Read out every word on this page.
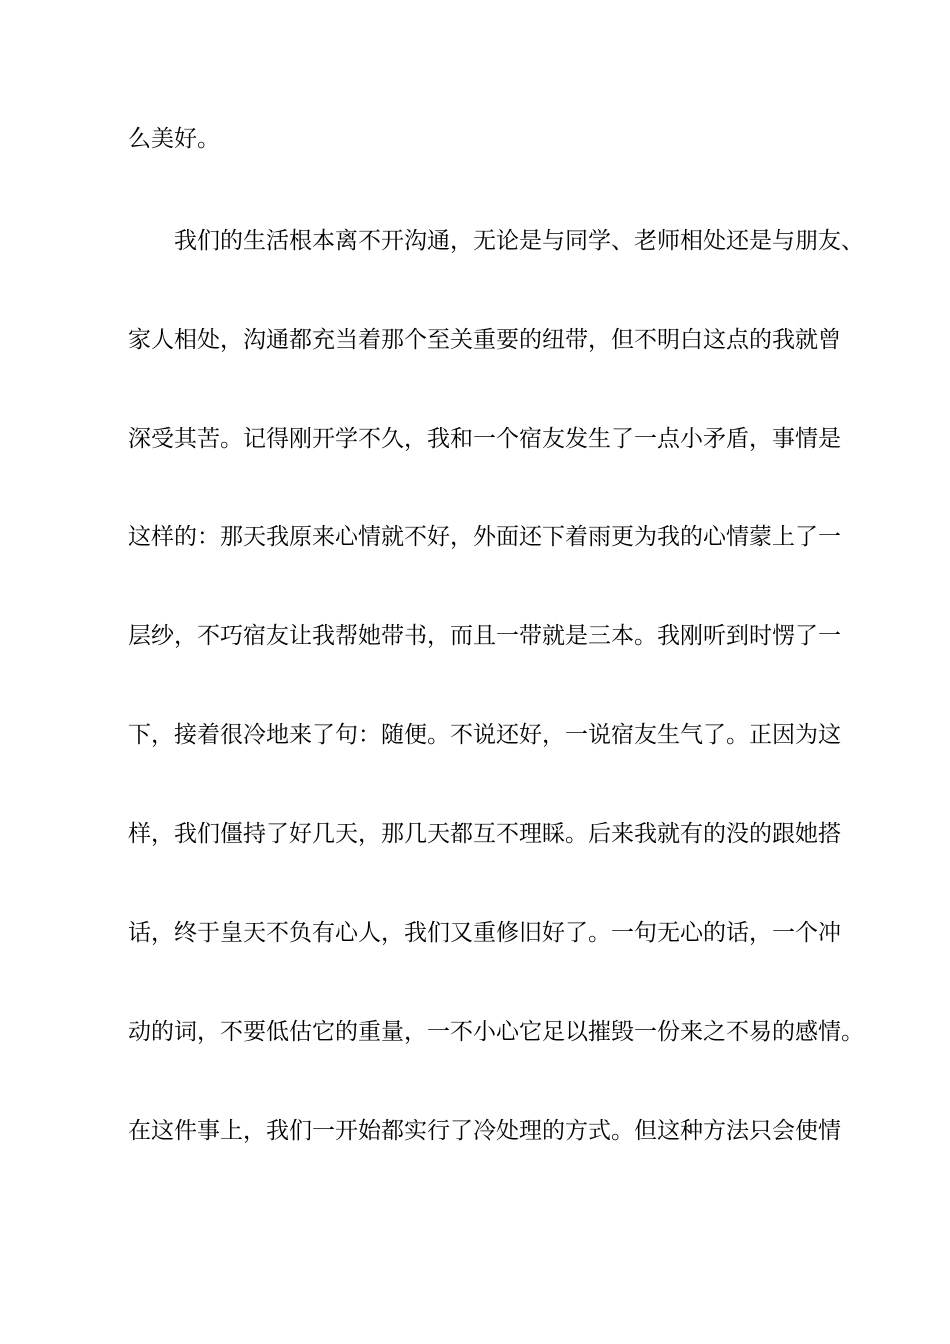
么美好。
我们的生活根本离不开沟通，无论是与同学、老师相处还是与朋友、
家人相处，沟通都充当着那个至关重要的纽带，但不明白这点的我就曾
深受其苦。记得刚开学不久，我和一个宿友发生了一点小矛盾，事情是
这样的：那天我原来心情就不好，外面还下着雨更为我的心情蒙上了一
层纱，不巧宿友让我帮她带书，而且一带就是三本。我刚听到时愣了一
下，接着很冷地来了句：随便。不说还好，一说宿友生气了。正因为这
样，我们僵持了好几天，那几天都互不理睬。后来我就有的没的跟她搭
话，终于皇天不负有心人，我们又重修旧好了。一句无心的话，一个冲
动的词，不要低估它的重量，一不小心它足以摧毁一份来之不易的感情。
在这件事上，我们一开始都实行了冷处理的方式。但这种方法只会使情
